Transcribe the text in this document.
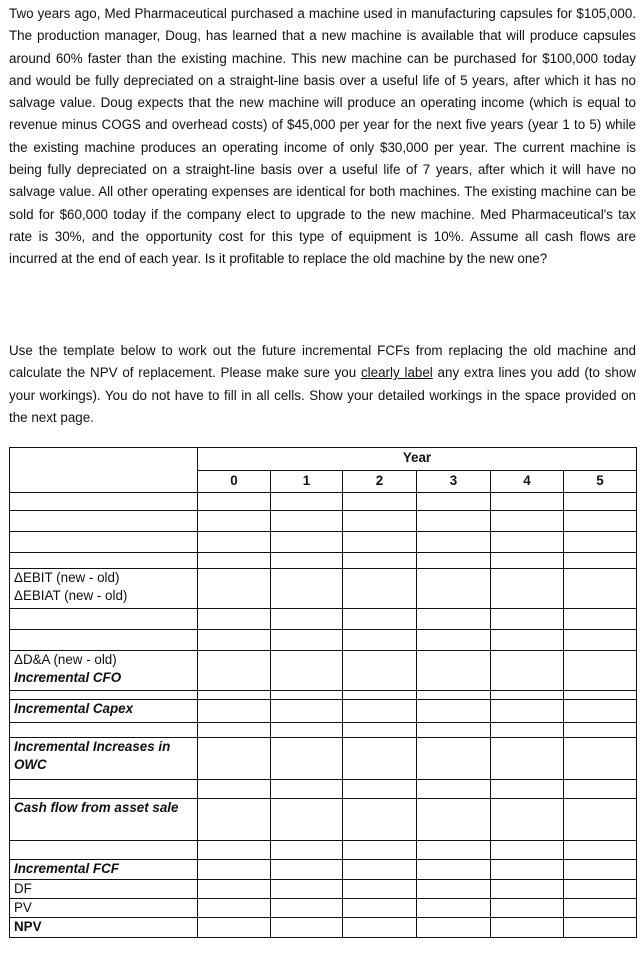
Two years ago, Med Pharmaceutical purchased a machine used in manufacturing capsules for $105,000. The production manager, Doug, has learned that a new machine is available that will produce capsules around 60% faster than the existing machine. This new machine can be purchased for $100,000 today and would be fully depreciated on a straight-line basis over a useful life of 5 years, after which it has no salvage value. Doug expects that the new machine will produce an operating income (which is equal to revenue minus COGS and overhead costs) of $45,000 per year for the next five years (year 1 to 5) while the existing machine produces an operating income of only $30,000 per year. The current machine is being fully depreciated on a straight-line basis over a useful life of 7 years, after which it will have no salvage value. All other operating expenses are identical for both machines. The existing machine can be sold for $60,000 today if the company elect to upgrade to the new machine. Med Pharmaceutical's tax rate is 30%, and the opportunity cost for this type of equipment is 10%. Assume all cash flows are incurred at the end of each year. Is it profitable to replace the old machine by the new one?

Use the template below to work out the future incremental FCFs from replacing the old machine and calculate the NPV of replacement. Please make sure you clearly label any extra lines you add (to show your workings). You do not have to fill in all cells. Show your detailed workings in the space provided on the next page.

	Year					
	0	1	2	3	4	5

ΔEBIT (new - old)
ΔEBIAT (new - old)						

ΔD&A (new - old)
Incremental CFO						

Incremental Capex						

Incremental Increases in OWC						

Cash flow from asset sale						

Incremental FCF						

DF						

PV						

NPV						
